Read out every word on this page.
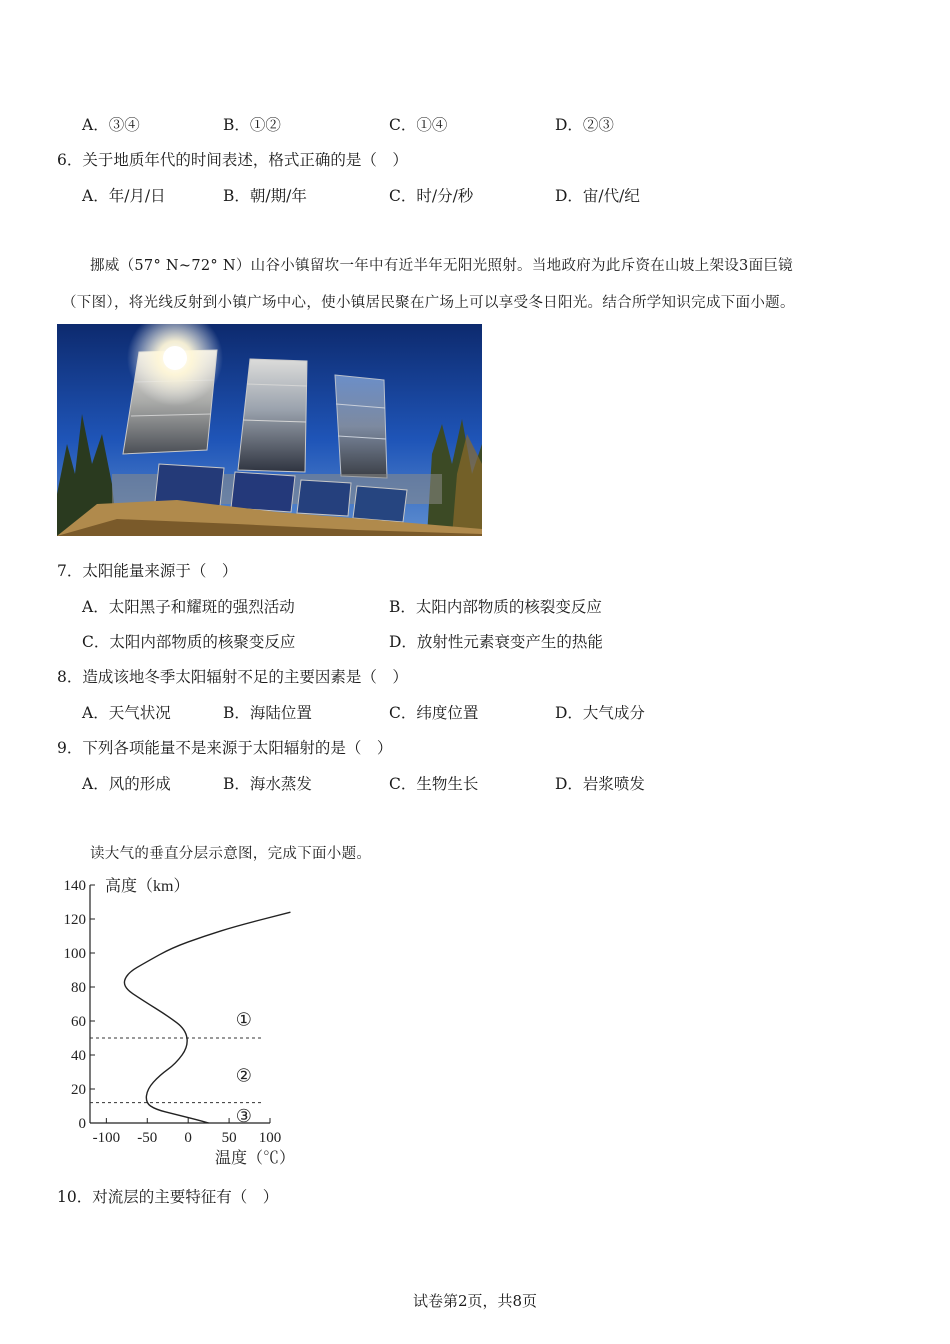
A．③④	B．①②	C．①④	D．②③
6．关于地质年代的时间表述，格式正确的是（　）
A．年/月/日	B．朝/期/年	C．时/分/秒	D．宙/代/纪
挪威（57° N~72° N）山谷小镇留坎一年中有近半年无阳光照射。当地政府为此斥资在山坡上架设3面巨镜
（下图），将光线反射到小镇广场中心，使小镇居民聚在广场上可以享受冬日阳光。结合所学知识完成下面小题。
7．太阳能量来源于（　）
A．太阳黑子和耀斑的强烈活动	B．太阳内部物质的核裂变反应
C．太阳内部物质的核聚变反应	D．放射性元素衰变产生的热能
8．造成该地冬季太阳辐射不足的主要因素是（　）
A．天气状况	B．海陆位置	C．纬度位置	D．大气成分
9．下列各项能量不是来源于太阳辐射的是（　）
A．风的形成	B．海水蒸发	C．生物生长	D．岩浆喷发
读大气的垂直分层示意图，完成下面小题。
高度（km）
温度（℃）
0
20
40
60
80
100
120
140
-100 -50 0 50 100
①
②
③
10．对流层的主要特征有（　）
试卷第2页，共8页
